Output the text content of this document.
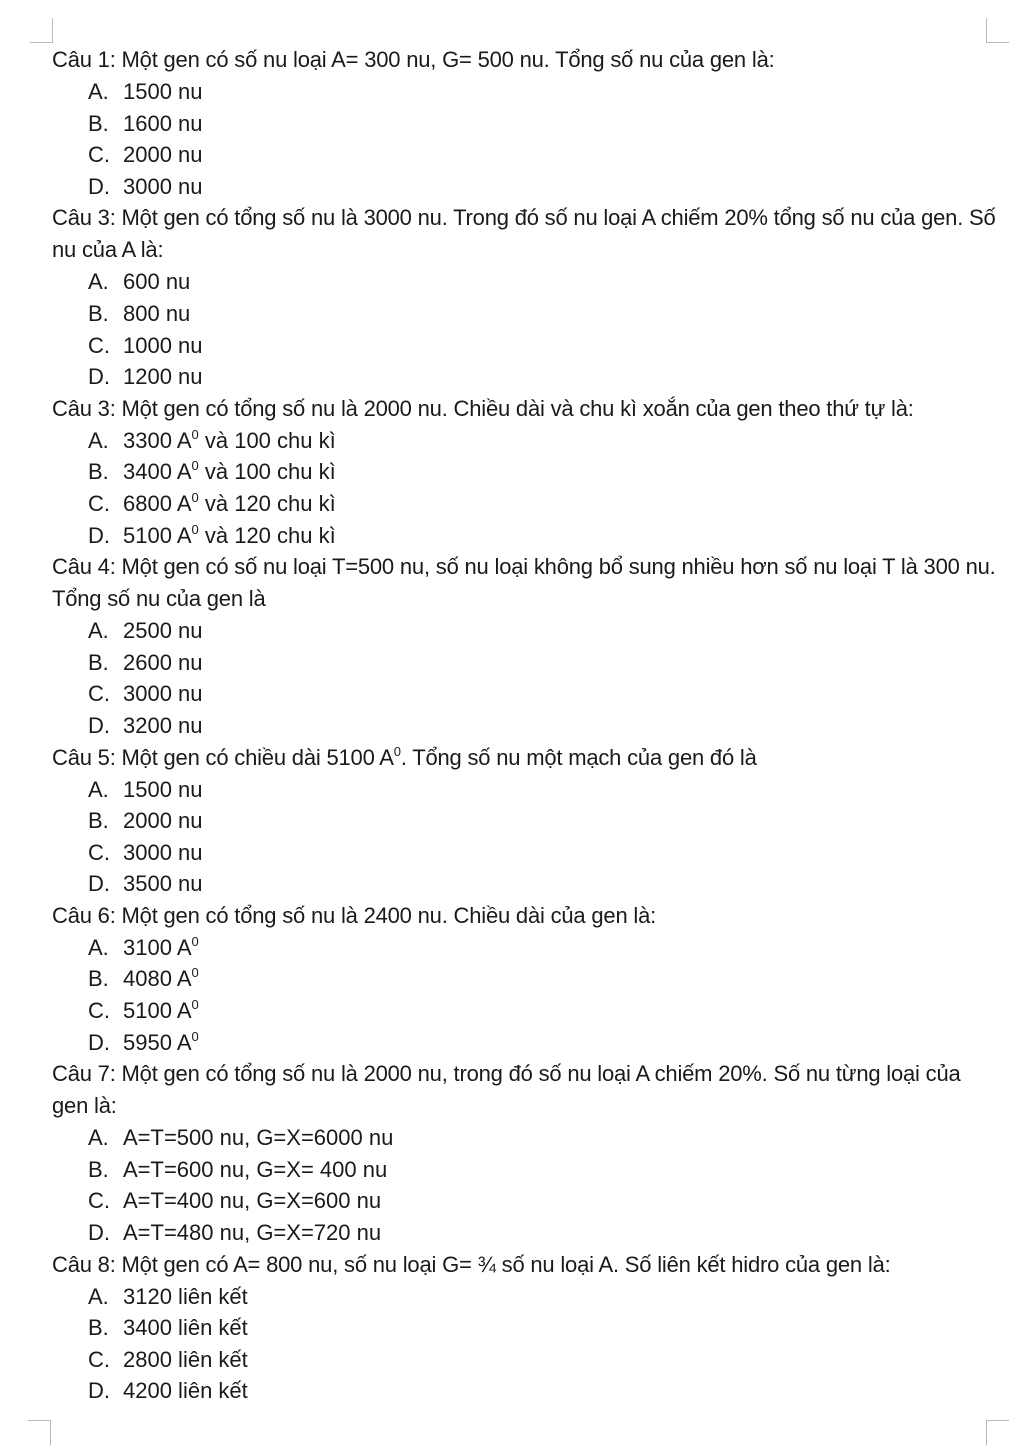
Câu 1: Một gen có số nu loại A= 300 nu, G= 500 nu. Tổng số nu của gen là:

A. 1500 nu
B. 1600 nu
C. 2000 nu
D. 3000 nu

Câu 3: Một gen có tổng số nu là 3000 nu. Trong đó số nu loại A chiếm 20% tổng số nu của gen. Số nu của A là:

A. 600 nu
B. 800 nu
C. 1000 nu
D. 1200 nu

Câu 3: Một gen có tổng số nu là 2000 nu. Chiều dài và chu kì xoắn của gen theo thứ tự là:

A. 3300 $A^0$ và 100 chu kì
B. 3400 $A^0$ và 100 chu kì
C. 6800 $A^0$ và 120 chu kì
D. 5100 $A^0$ và 120 chu kì

Câu 4: Một gen có số nu loại T=500 nu, số nu loại không bổ sung nhiều hơn số nu loại T là 300 nu. Tổng số nu của gen là

A. 2500 nu
B. 2600 nu
C. 3000 nu
D. 3200 nu

Câu 5: Một gen có chiều dài 5100 $A^0$. Tổng số nu một mạch của gen đó là

A. 1500 nu
B. 2000 nu
C. 3000 nu
D. 3500 nu

Câu 6: Một gen có tổng số nu là 2400 nu. Chiều dài của gen là:

A. 3100 $A^0$
B. 4080 $A^0$
C. 5100 $A^0$
D. 5950 $A^0$

Câu 7: Một gen có tổng số nu là 2000 nu, trong đó số nu loại A chiếm 20%. Số nu từng loại của gen là:

A. A=T=500 nu, G=X=6000 nu
B. A=T=600 nu, G=X= 400 nu
C. A=T=400 nu, G=X=600 nu
D. A=T=480 nu, G=X=720 nu

Câu 8: Một gen có A= 800 nu, số nu loại G= ¾ số nu loại A. Số liên kết hidro của gen là:

A. 3120 liên kết
B. 3400 liên kết
C. 2800 liên kết
D. 4200 liên kết
